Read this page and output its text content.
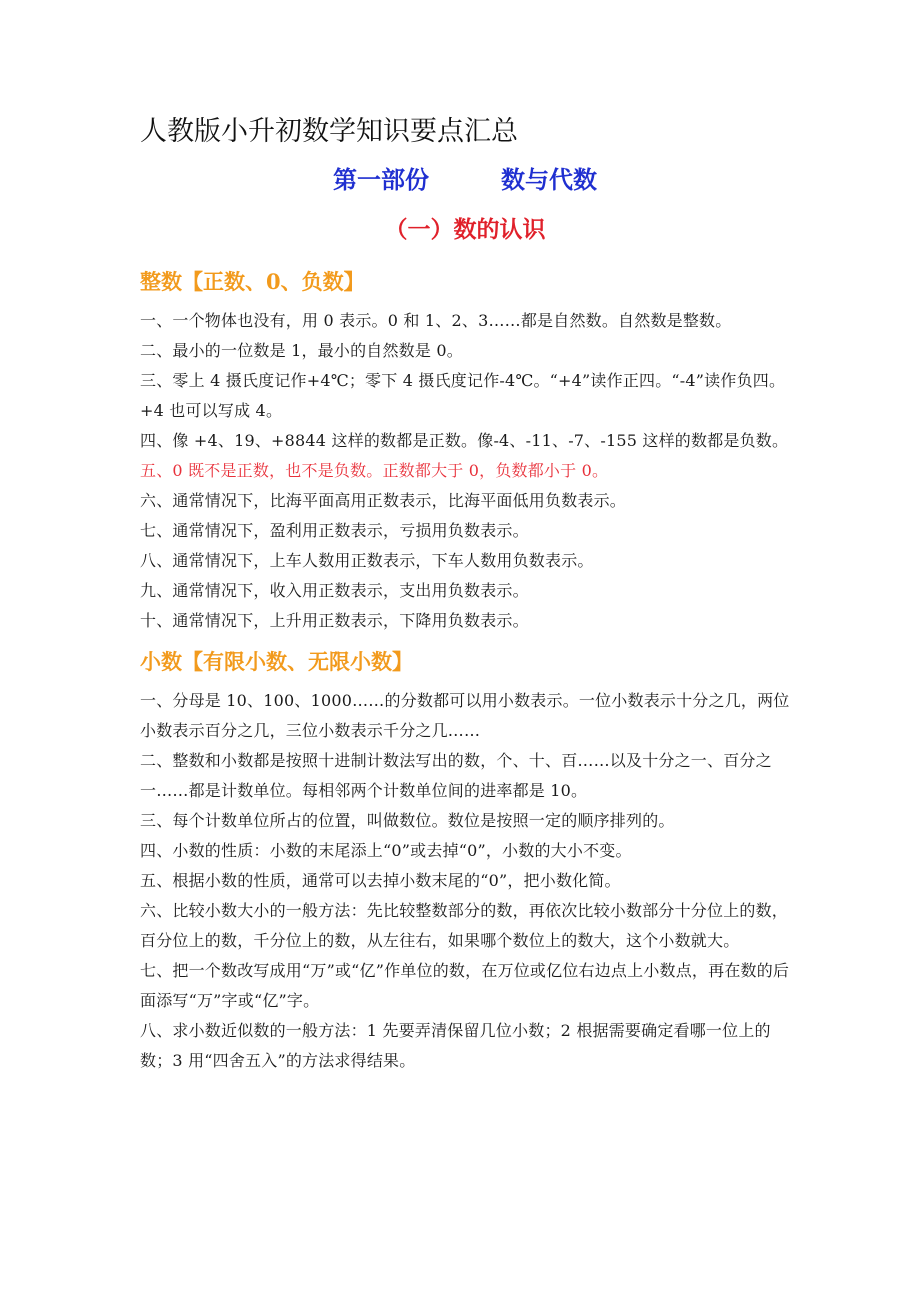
人教版小升初数学知识要点汇总
第一部份	数与代数
（一）数的认识
整数【正数、0、负数】

一、一个物体也没有，用 0 表示。0 和 1、2、3……都是自然数。自然数是整数。

二、最小的一位数是 1，最小的自然数是 0。

三、零上 4 摄氏度记作+4℃；零下 4 摄氏度记作-4℃。“+4”读作正四。“-4”读作负四。 +4 也可以写成 4。

四、像 +4、19、+8844 这样的数都是正数。像-4、-11、-7、-155 这样的数都是负数。

五、0 既不是正数，也不是负数。正数都大于 0，负数都小于 0。

六、通常情况下，比海平面高用正数表示，比海平面低用负数表示。

七、通常情况下，盈利用正数表示，亏损用负数表示。

八、通常情况下，上车人数用正数表示，下车人数用负数表示。

九、通常情况下，收入用正数表示，支出用负数表示。

十、通常情况下，上升用正数表示，下降用负数表示。

小数【有限小数、无限小数】

一、分母是 10、100、1000……的分数都可以用小数表示。一位小数表示十分之几，两位小数表示百分之几，三位小数表示千分之几……

二、整数和小数都是按照十进制计数法写出的数，个、十、百……以及十分之一、百分之一……都是计数单位。每相邻两个计数单位间的进率都是 10。

三、每个计数单位所占的位置，叫做数位。数位是按照一定的顺序排列的。

四、小数的性质：小数的末尾添上“0”或去掉“0”，小数的大小不变。

五、根据小数的性质，通常可以去掉小数末尾的“0”，把小数化简。

六、比较小数大小的一般方法：先比较整数部分的数，再依次比较小数部分十分位上的数，百分位上的数，千分位上的数，从左往右，如果哪个数位上的数大，这个小数就大。

七、把一个数改写成用“万”或“亿”作单位的数，在万位或亿位右边点上小数点，再在数的后面添写“万”字或“亿”字。

八、求小数近似数的一般方法：1 先要弄清保留几位小数；2 根据需要确定看哪一位上的数；3 用“四舍五入”的方法求得结果。
